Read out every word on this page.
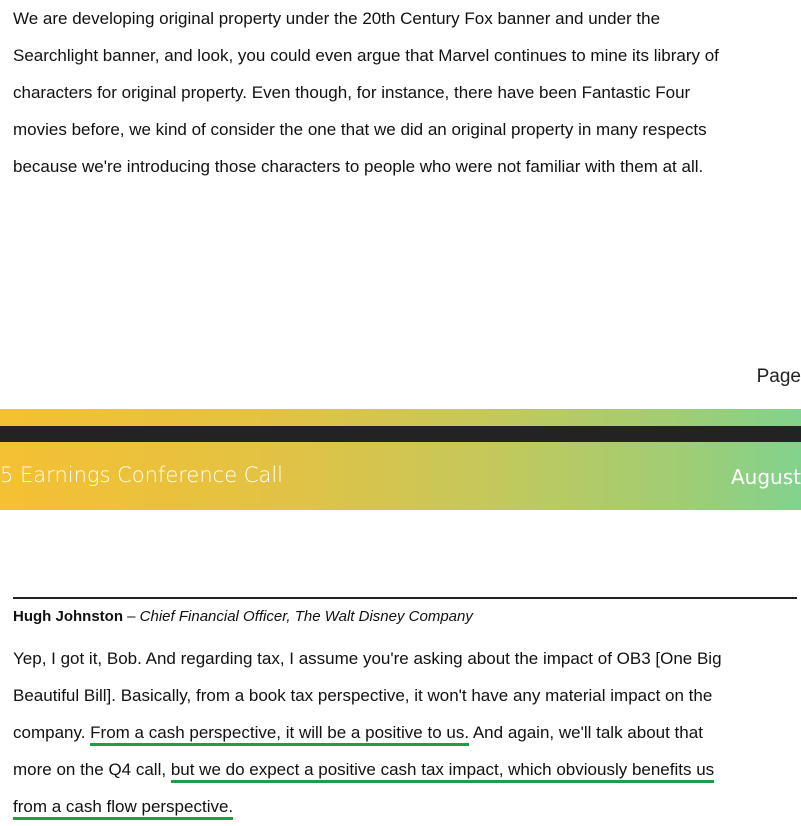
We are developing original property under the 20th Century Fox banner and under the
Searchlight banner, and look, you could even argue that Marvel continues to mine its library of
characters for original property. Even though, for instance, there have been Fantastic Four
movies before, we kind of consider the one that we did an original property in many respects
because we're introducing those characters to people who were not familiar with them at all.

Page
5 Earnings Conference Call	August
Hugh Johnston – Chief Financial Officer, The Walt Disney Company

Yep, I got it, Bob. And regarding tax, I assume you're asking about the impact of OB3 [One Big
Beautiful Bill]. Basically, from a book tax perspective, it won't have any material impact on the
company. From a cash perspective, it will be a positive to us. And again, we'll talk about that
more on the Q4 call, but we do expect a positive cash tax impact, which obviously benefits us
from a cash flow perspective.
